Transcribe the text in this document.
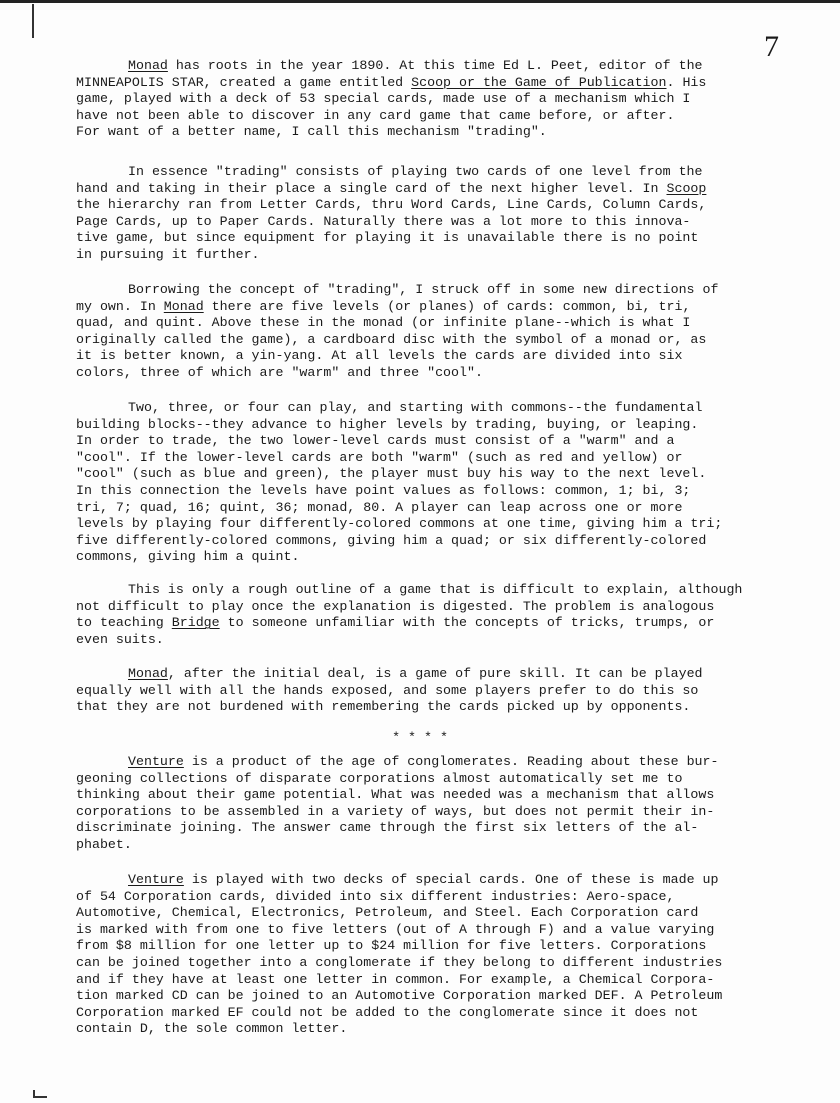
7
Monad has roots in the year 1890. At this time Ed L. Peet, editor of the
MINNEAPOLIS STAR, created a game entitled Scoop or the Game of Publication. His
game, played with a deck of 53 special cards, made use of a mechanism which I
have not been able to discover in any card game that came before, or after.
For want of a better name, I call this mechanism "trading".
In essence "trading" consists of playing two cards of one level from the
hand and taking in their place a single card of the next higher level. In Scoop
the hierarchy ran from Letter Cards, thru Word Cards, Line Cards, Column Cards,
Page Cards, up to Paper Cards. Naturally there was a lot more to this innova-
tive game, but since equipment for playing it is unavailable there is no point
in pursuing it further.
Borrowing the concept of "trading", I struck off in some new directions of
my own. In Monad there are five levels (or planes) of cards: common, bi, tri,
quad, and quint. Above these in the monad (or infinite plane--which is what I
originally called the game), a cardboard disc with the symbol of a monad or, as
it is better known, a yin-yang. At all levels the cards are divided into six
colors, three of which are "warm" and three "cool".
Two, three, or four can play, and starting with commons--the fundamental
building blocks--they advance to higher levels by trading, buying, or leaping.
In order to trade, the two lower-level cards must consist of a "warm" and a
"cool". If the lower-level cards are both "warm" (such as red and yellow) or
"cool" (such as blue and green), the player must buy his way to the next level.
In this connection the levels have point values as follows: common, 1; bi, 3;
tri, 7; quad, 16; quint, 36; monad, 80. A player can leap across one or more
levels by playing four differently-colored commons at one time, giving him a tri;
five differently-colored commons, giving him a quad; or six differently-colored
commons, giving him a quint.
This is only a rough outline of a game that is difficult to explain, although
not difficult to play once the explanation is digested. The problem is analogous
to teaching Bridge to someone unfamiliar with the concepts of tricks, trumps, or
even suits.
Monad, after the initial deal, is a game of pure skill. It can be played
equally well with all the hands exposed, and some players prefer to do this so
that they are not burdened with remembering the cards picked up by opponents.
Venture is a product of the age of conglomerates. Reading about these bur-
geoning collections of disparate corporations almost automatically set me to
thinking about their game potential. What was needed was a mechanism that allows
corporations to be assembled in a variety of ways, but does not permit their in-
discriminate joining. The answer came through the first six letters of the al-
phabet.
Venture is played with two decks of special cards. One of these is made up
of 54 Corporation cards, divided into six different industries: Aero-space,
Automotive, Chemical, Electronics, Petroleum, and Steel. Each Corporation card
is marked with from one to five letters (out of A through F) and a value varying
from $8 million for one letter up to $24 million for five letters. Corporations
can be joined together into a conglomerate if they belong to different industries
and if they have at least one letter in common. For example, a Chemical Corpora-
tion marked CD can be joined to an Automotive Corporation marked DEF. A Petroleum
Corporation marked EF could not be added to the conglomerate since it does not
contain D, the sole common letter.
* * * *
